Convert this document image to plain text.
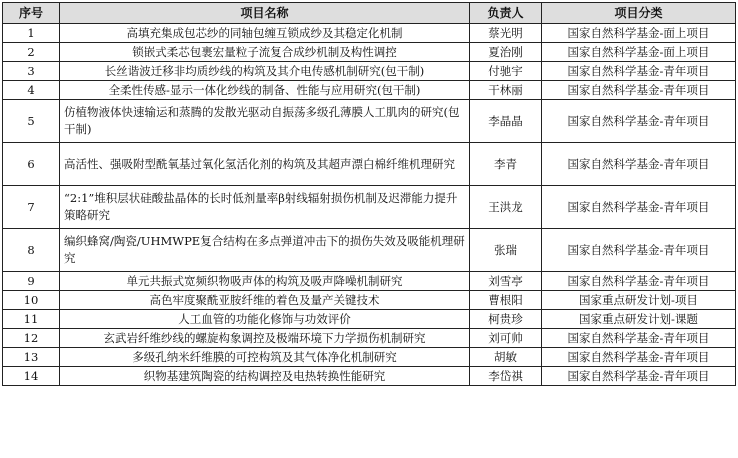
序号	项目名称	负责人	项目分类
1	高填充集成包芯纱的同轴包缠互锁成纱及其稳定化机制	蔡光明	国家自然科学基金-面上项目
2	锁嵌式柔芯包裹宏量粒子流复合成纱机制及构性调控	夏治刚	国家自然科学基金-面上项目
3	长丝谐波迁移非均质纱线的构筑及其介电传感机制研究(包干制)	付驰宇	国家自然科学基金-青年项目
4	全柔性传感-显示一体化纱线的制备、性能与应用研究(包干制)	干林丽	国家自然科学基金-青年项目
5	仿植物液体快速输运和蒸腾的发散光驱动自振荡多级孔薄膜人工肌肉的研究(包干制)	李晶晶	国家自然科学基金-青年项目
6	高活性、强吸附型酰氧基过氧化氢活化剂的构筑及其超声漂白棉纤维机理研究	李青	国家自然科学基金-青年项目
7	“2:1”堆积层状硅酸盐晶体的长时低剂量率β射线辐射损伤机制及迟滞能力提升策略研究	王洪龙	国家自然科学基金-青年项目
8	编织蜂窝/陶瓷/UHMWPE复合结构在多点弹道冲击下的损伤失效及吸能机理研究	张瑞	国家自然科学基金-青年项目
9	单元共振式宽频织物吸声体的构筑及吸声降噪机制研究	刘雪亭	国家自然科学基金-青年项目
10	高色牢度聚酰亚胺纤维的着色及量产关键技术	曹根阳	国家重点研发计划-项目
11	人工血管的功能化修饰与功效评价	柯贵珍	国家重点研发计划-课题
12	玄武岩纤维纱线的螺旋构象调控及极端环境下力学损伤机制研究	刘可帅	国家自然科学基金-青年项目
13	多级孔纳米纤维膜的可控构筑及其气体净化机制研究	胡敏	国家自然科学基金-青年项目
14	织物基建筑陶瓷的结构调控及电热转换性能研究	李岱祺	国家自然科学基金-青年项目
